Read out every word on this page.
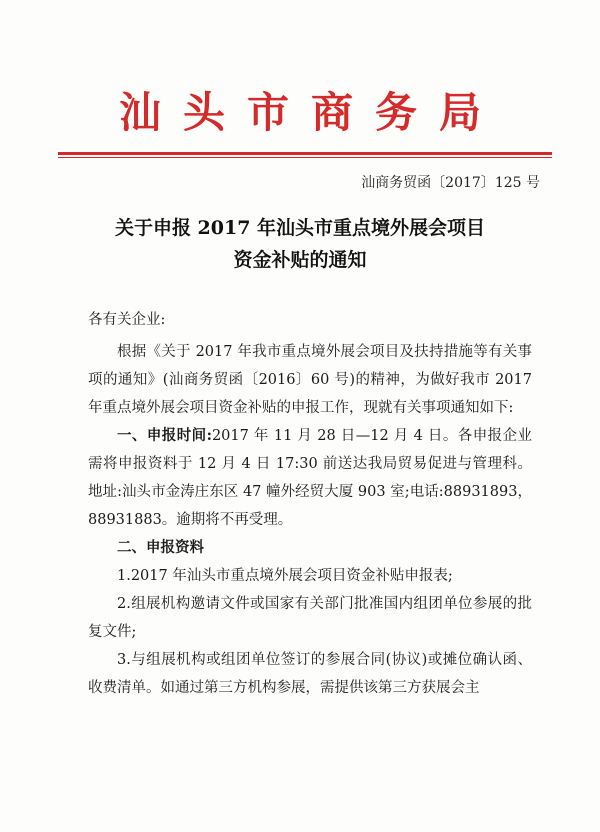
汕头市商务局
汕商务贸函〔2017〕125 号
关于申报 2017 年汕头市重点境外展会项目
资金补贴的通知

各有关企业:

根据《关于 2017 年我市重点境外展会项目及扶持措施等有关事项的通知》(汕商务贸函〔2016〕60 号)的精神，为做好我市 2017 年重点境外展会项目资金补贴的申报工作，现就有关事项通知如下:

一、申报时间:2017 年 11 月 28 日—12 月 4 日。各申报企业需将申报资料于 12 月 4 日 17:30 前送达我局贸易促进与管理科。地址:汕头市金涛庄东区 47 幢外经贸大厦 903 室;电话:88931893，88931883。逾期将不再受理。

二、申报资料

1.2017 年汕头市重点境外展会项目资金补贴申报表;

2.组展机构邀请文件或国家有关部门批准国内组团单位参展的批复文件;

3.与组展机构或组团单位签订的参展合同(协议)或摊位确认函、收费清单。如通过第三方机构参展，需提供该第三方获展会主
